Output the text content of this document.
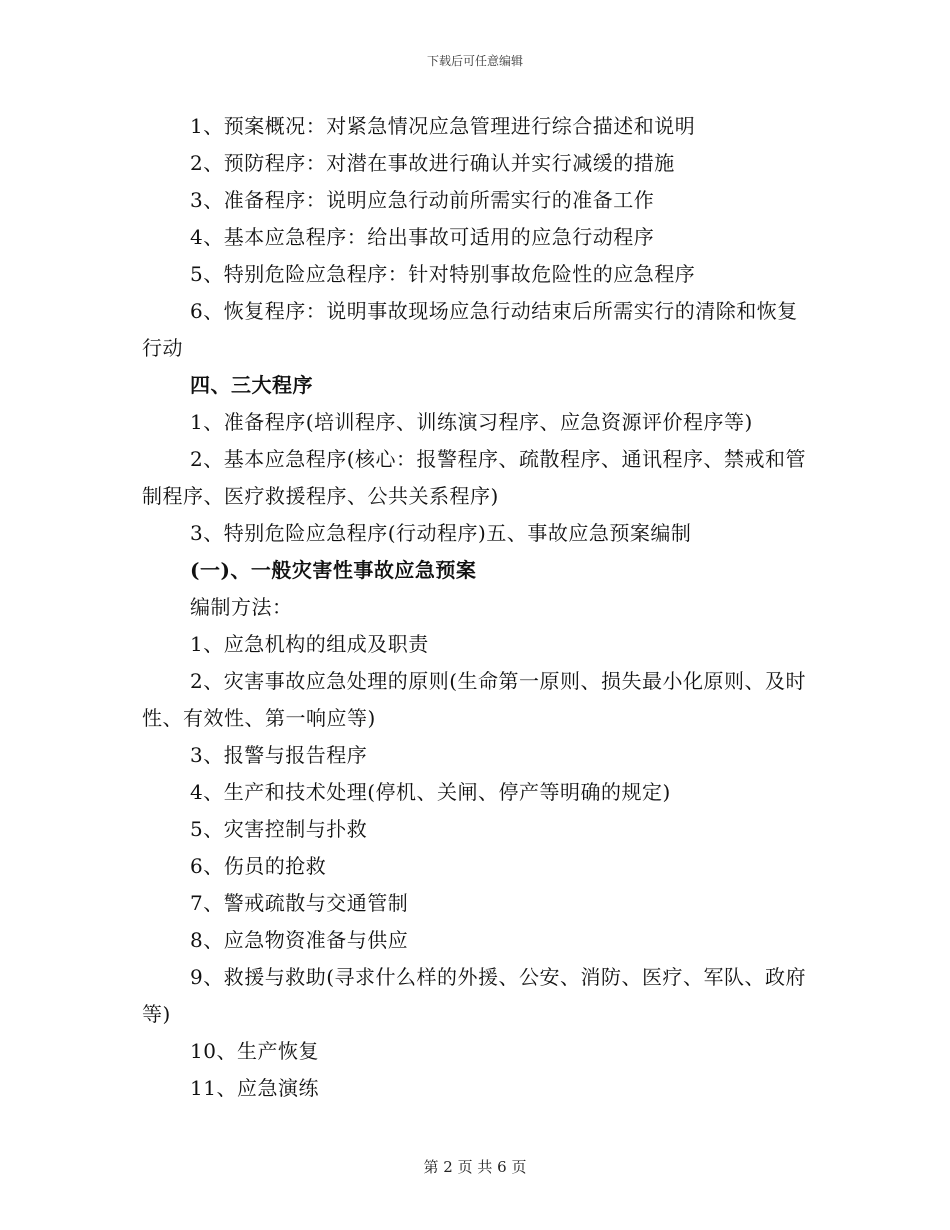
下载后可任意编辑

1、预案概况：对紧急情况应急管理进行综合描述和说明

2、预防程序：对潜在事故进行确认并实行减缓的措施

3、准备程序：说明应急行动前所需实行的准备工作

4、基本应急程序：给出事故可适用的应急行动程序

5、特别危险应急程序：针对特别事故危险性的应急程序

6、恢复程序：说明事故现场应急行动结束后所需实行的清除和恢复行动

四、三大程序

1、准备程序(培训程序、训练演习程序、应急资源评价程序等)

2、基本应急程序(核心：报警程序、疏散程序、通讯程序、禁戒和管制程序、医疗救援程序、公共关系程序)

3、特别危险应急程序(行动程序)五、事故应急预案编制

(一)、一般灾害性事故应急预案

编制方法：

1、应急机构的组成及职责

2、灾害事故应急处理的原则(生命第一原则、损失最小化原则、及时性、有效性、第一响应等)

3、报警与报告程序

4、生产和技术处理(停机、关闸、停产等明确的规定)

5、灾害控制与扑救

6、伤员的抢救

7、警戒疏散与交通管制

8、应急物资准备与供应

9、救援与救助(寻求什么样的外援、公安、消防、医疗、军队、政府等)

10、生产恢复

11、应急演练

第 2 页 共 6 页
